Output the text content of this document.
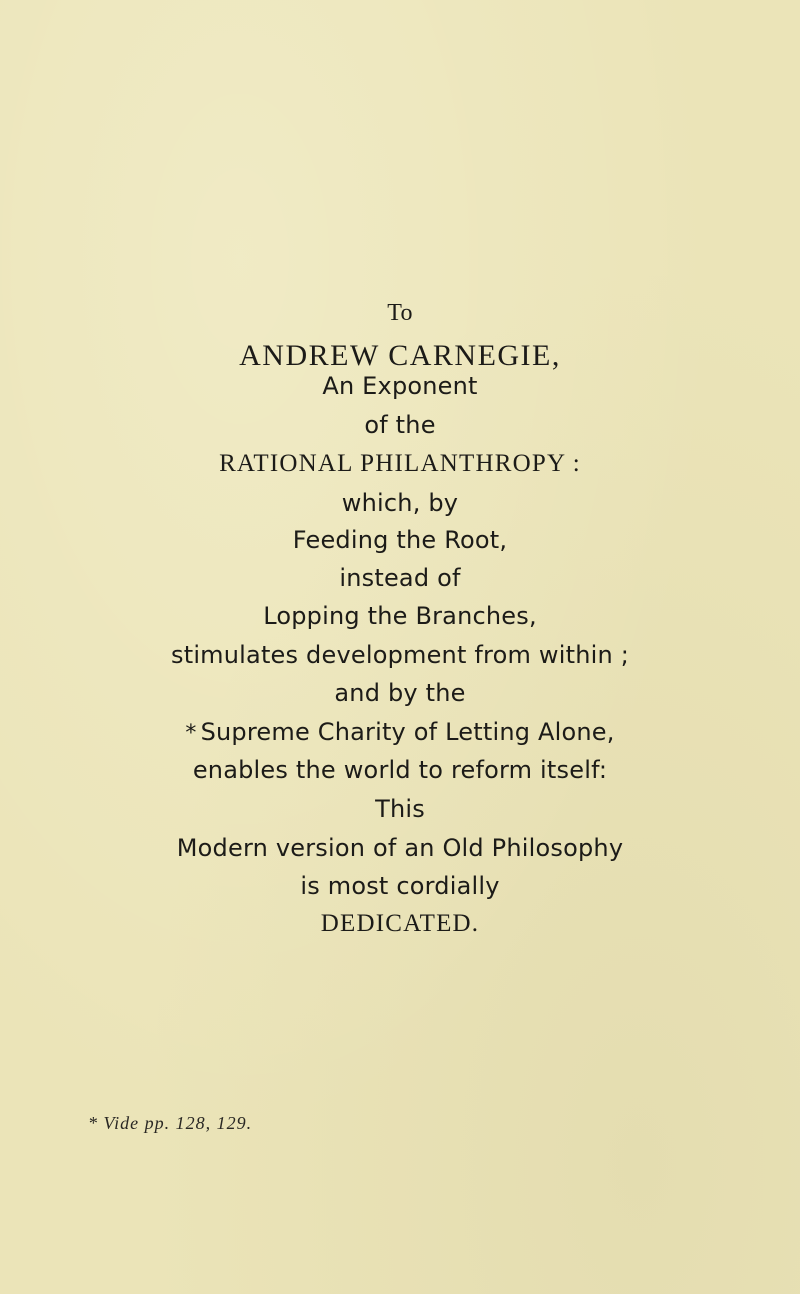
To
ANDREW CARNEGIE,
An Exponent
of the
RATIONAL PHILANTHROPY :
which, by
Feeding the Root,
instead of
Lopping the Branches,
stimulates development from within ;
and by the
* Supreme Charity of Letting Alone,
enables the world to reform itself:
This
Modern version of an Old Philosophy
is most cordially
DEDICATED.
* Vide pp. 128, 129.
